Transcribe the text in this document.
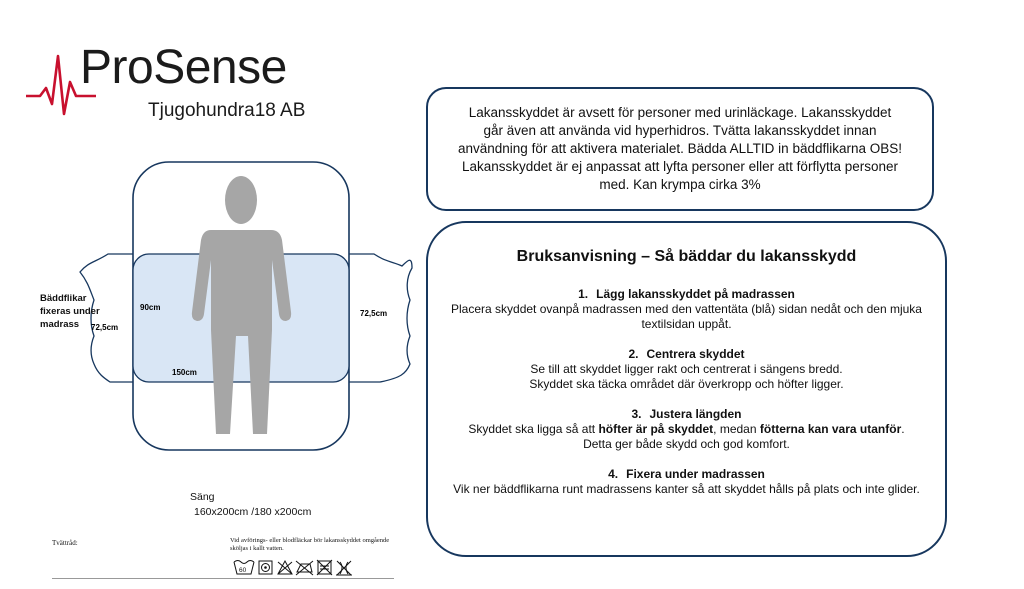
ProSense
Tjugohundra18 AB	Lakansskyddet är avsett för personer med urinläckage. Lakansskyddet går även att använda vid hyperhidros. Tvätta lakansskyddet innan användning för att aktivera materialet. Bädda ALLTID in bäddflikarna OBS! Lakansskyddet är ej anpassat att lyfta personer eller att förflytta personer med. Kan krympa cirka 3%
Bruksanvisning – Så bäddar du lakansskydd
1. Lägg lakansskyddet på madrassen
Placera skyddet ovanpå madrassen med den vattentäta (blå) sidan nedåt och den mjuka
textilsidan uppåt.
2. Centrera skyddet
Se till att skyddet ligger rakt och centrerat i sängens bredd.
Skyddet ska täcka området där överkropp och höfter ligger.
3. Justera längden
Skyddet ska ligga så att höfter är på skyddet, medan fötterna kan vara utanför.
Detta ger både skydd och god komfort.
4. Fixera under madrassen
Vik ner bäddflikarna runt madrassens kanter så att skyddet hålls på plats och inte glider.
90cm
150cm
72,5cm
72,5cm
Bäddflikar fixeras under madrass
Säng
160x200cm /180 x200cm
Tvättråd:	Vid avförings- eller blodfläckar bör lakansskyddet omgående sköljas i kallt vatten.
60
